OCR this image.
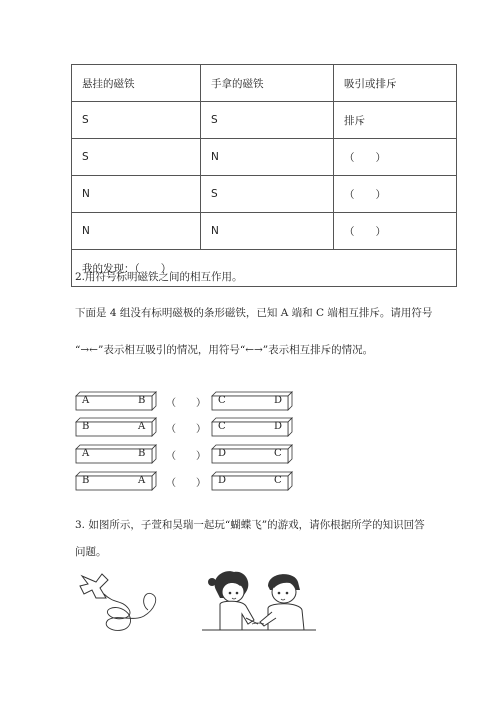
悬挂的磁铁	手拿的磁铁	吸引或排斥
S	S	排斥
S	N	（　　）
N	S	（　　）
N	N	（　　）
我的发现：（　　）		
2.用符号标明磁铁之间的相互作用。
下面是 4 组没有标明磁极的条形磁铁，已知 A 端和 C 端相互排斥。请用符号
“→←”表示相互吸引的情况，用符号“←→”表示相互排斥的情况。
A	B （　　） C	D
B	A （　　） C	D
A	B （　　） D	C
B	A （　　） D	C
3. 如图所示，子萱和昊瑞一起玩“蝴蝶飞”的游戏，请你根据所学的知识回答
问题。
